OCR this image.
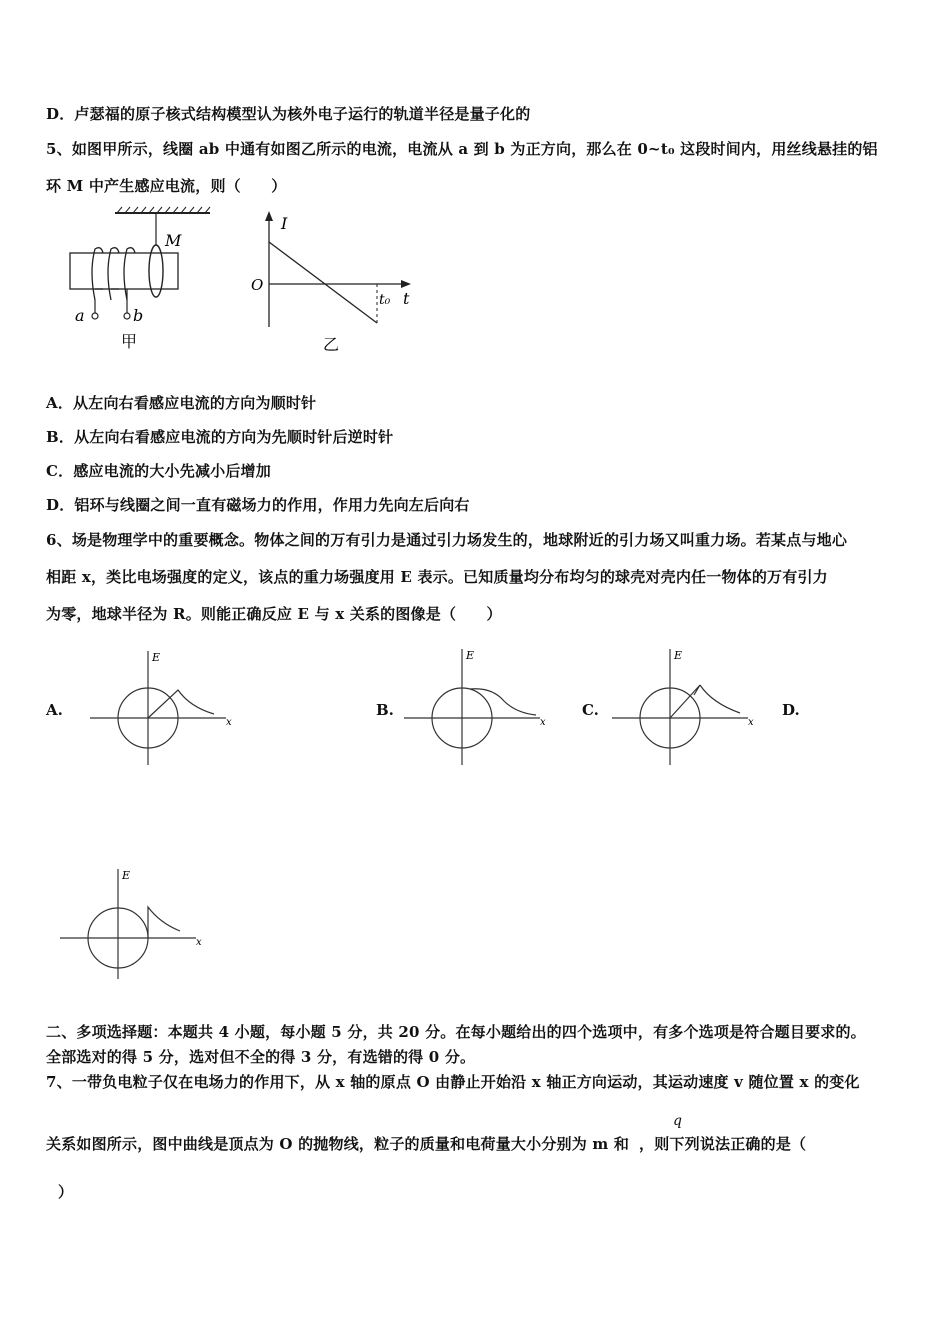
D．卢瑟福的原子核式结构模型认为核外电子运行的轨道半径是量子化的
5、如图甲所示，线圈 ab 中通有如图乙所示的电流，电流从 a 到 b 为正方向，那么在 0~t₀ 这段时间内，用丝线悬挂的铝
环 M 中产生感应电流，则（　　）
M
a	b
甲
I
O
t₀ t
乙
A．从左向右看感应电流的方向为顺时针
B．从左向右看感应电流的方向为先顺时针后逆时针
C．感应电流的大小先减小后增加
D．铝环与线圈之间一直有磁场力的作用，作用力先向左后向右
6、场是物理学中的重要概念。物体之间的万有引力是通过引力场发生的，地球附近的引力场又叫重力场。若某点与地心
相距 x，类比电场强度的定义，该点的重力场强度用 E 表示。已知质量均分布均匀的球壳对壳内任一物体的万有引力
为零，地球半径为 R。则能正确反应 E 与 x 关系的图像是（　　）
A.	B.	C.	D.
E
x
E
x
E
x
E
x
二、多项选择题：本题共 4 小题，每小题 5 分，共 20 分。在每小题给出的四个选项中，有多个选项是符合题目要求的。
全部选对的得 5 分，选对但不全的得 3 分，有选错的得 0 分。
7、一带负电粒子仅在电场力的作用下，从 x 轴的原点 O 由静止开始沿 x 轴正方向运动，其运动速度 v 随位置 x 的变化
关系如图所示，图中曲线是顶点为 O 的抛物线，粒子的质量和电荷量大小分别为 m 和 ，则下列说法正确的是（
q
）
